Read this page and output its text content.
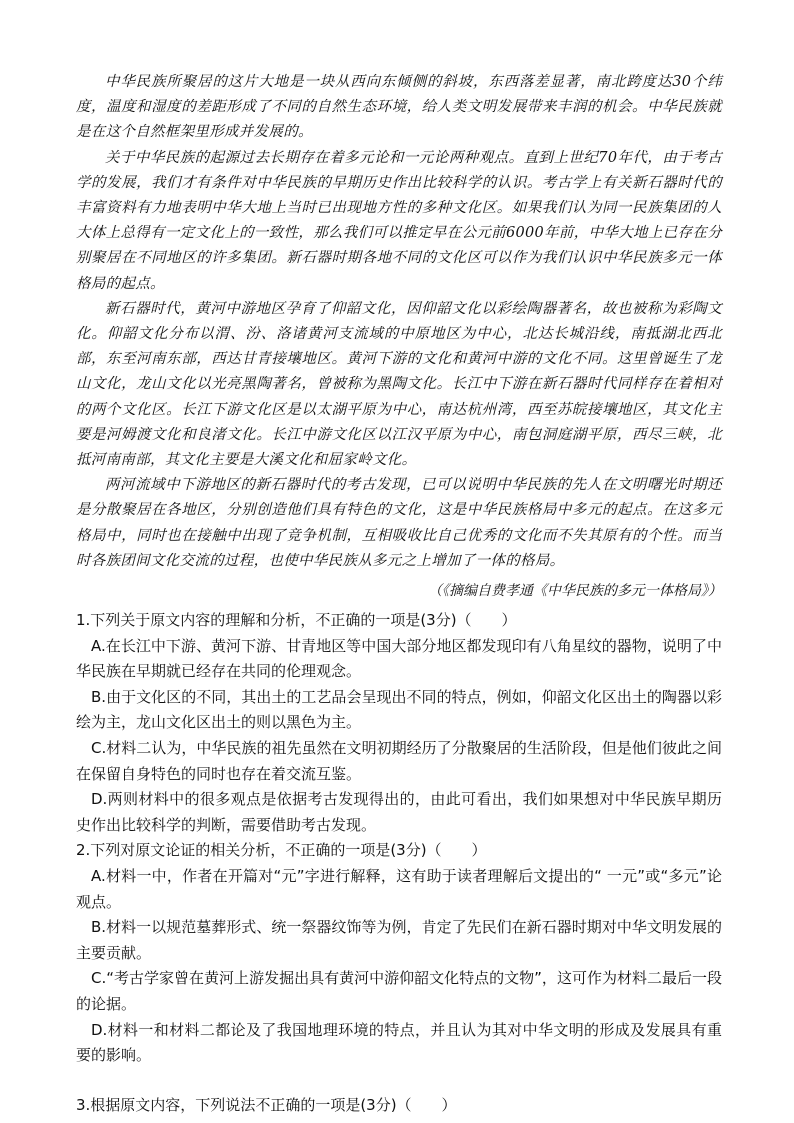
中华民族所聚居的这片大地是一块从西向东倾侧的斜坡，东西落差显著，南北跨度达30个纬度，温度和湿度的差距形成了不同的自然生态环境，给人类文明发展带来丰润的机会。中华民族就是在这个自然框架里形成并发展的。

关于中华民族的起源过去长期存在着多元论和一元论两种观点。直到上世纪70年代，由于考古学的发展，我们才有条件对中华民族的早期历史作出比较科学的认识。考古学上有关新石器时代的丰富资料有力地表明中华大地上当时已出现地方性的多种文化区。如果我们认为同一民族集团的人大体上总得有一定文化上的一致性，那么我们可以推定早在公元前6000年前，中华大地上已存在分别聚居在不同地区的许多集团。新石器时期各地不同的文化区可以作为我们认识中华民族多元一体格局的起点。

新石器时代，黄河中游地区孕育了仰韶文化，因仰韶文化以彩绘陶器著名，故也被称为彩陶文化。仰韶文化分布以渭、汾、洛诸黄河支流域的中原地区为中心，北达长城沿线，南抵湖北西北部，东至河南东部，西达甘青接壤地区。黄河下游的文化和黄河中游的文化不同。这里曾诞生了龙山文化，龙山文化以光亮黑陶著名，曾被称为黑陶文化。长江中下游在新石器时代同样存在着相对的两个文化区。长江下游文化区是以太湖平原为中心，南达杭州湾，西至苏皖接壤地区，其文化主要是河姆渡文化和良渚文化。长江中游文化区以江汉平原为中心，南包洞庭湖平原，西尽三峡，北抵河南南部，其文化主要是大溪文化和屈家岭文化。

两河流域中下游地区的新石器时代的考古发现，已可以说明中华民族的先人在文明曙光时期还是分散聚居在各地区，分别创造他们具有特色的文化，这是中华民族格局中多元的起点。在这多元格局中，同时也在接触中出现了竞争机制，互相吸收比自己优秀的文化而不失其原有的个性。而当时各族团间文化交流的过程，也使中华民族从多元之上增加了一体的格局。

（《摘编自费孝通《中华民族的多元一体格局》）

1.下列关于原文内容的理解和分析，不正确的一项是(3分)（　　）

A.在长江中下游、黄河下游、甘青地区等中国大部分地区都发现印有八角星纹的器物，说明了中华民族在早期就已经存在共同的伦理观念。

B.由于文化区的不同，其出土的工艺品会呈现出不同的特点，例如，仰韶文化区出土的陶器以彩绘为主，龙山文化区出土的则以黑色为主。

C.材料二认为，中华民族的祖先虽然在文明初期经历了分散聚居的生活阶段，但是他们彼此之间在保留自身特色的同时也存在着交流互鉴。

D.两则材料中的很多观点是依据考古发现得出的，由此可看出，我们如果想对中华民族早期历史作出比较科学的判断，需要借助考古发现。

2.下列对原文论证的相关分析，不正确的一项是(3分)（　　）

A.材料一中，作者在开篇对“元”字进行解释，这有助于读者理解后文提出的“ 一元”或“多元”论观点。

B.材料一以规范墓葬形式、统一祭器纹饰等为例，肯定了先民们在新石器时期对中华文明发展的主要贡献。

C.“考古学家曾在黄河上游发掘出具有黄河中游仰韶文化特点的文物”，这可作为材料二最后一段的论据。

D.材料一和材料二都论及了我国地理环境的特点，并且认为其对中华文明的形成及发展具有重要的影响。

3.根据原文内容，下列说法不正确的一项是(3分)（　　）
